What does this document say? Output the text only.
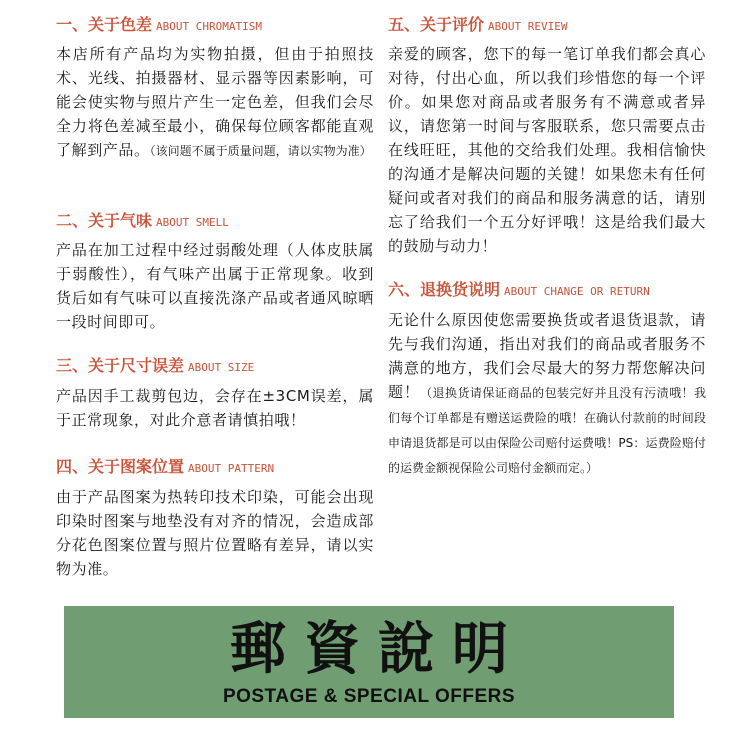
一、关于色差 ABOUT CHROMATISM
本店所有产品均为实物拍摄，但由于拍照技术、光线、拍摄器材、显示器等因素影响，可能会使实物与照片产生一定色差，但我们会尽全力将色差减至最小，确保每位顾客都能直观了解到产品。（该问题不属于质量问题，请以实物为准）
二、关于气味 ABOUT SMELL
产品在加工过程中经过弱酸处理（人体皮肤属于弱酸性），有气味产出属于正常现象。收到货后如有气味可以直接洗涤产品或者通风晾晒一段时间即可。
三、关于尺寸误差 ABOUT SIZE
产品因手工裁剪包边，会存在±3CM误差，属于正常现象，对此介意者请慎拍哦！
四、关于图案位置 ABOUT PATTERN
由于产品图案为热转印技术印染，可能会出现印染时图案与地垫没有对齐的情况，会造成部分花色图案位置与照片位置略有差异，请以实物为准。
五、关于评价 ABOUT REVIEW
亲爱的顾客，您下的每一笔订单我们都会真心对待，付出心血，所以我们珍惜您的每一个评价。如果您对商品或者服务有不满意或者异议，请您第一时间与客服联系，您只需要点击在线旺旺，其他的交给我们处理。我相信愉快的沟通才是解决问题的关键！如果您未有任何疑问或者对我们的商品和服务满意的话，请别忘了给我们一个五分好评哦！这是给我们最大的鼓励与动力！
六、退换货说明 ABOUT CHANGE OR RETURN
无论什么原因使您需要换货或者退货退款，请先与我们沟通，指出对我们的商品或者服务不满意的地方，我们会尽最大的努力帮您解决问题！（退换货请保证商品的包装完好并且没有污渍哦！我们每个订单都是有赠送运费险的哦！在确认付款前的时间段申请退货都是可以由保险公司赔付运费哦！PS：运费险赔付的运费金额视保险公司赔付金额而定。）
郵資說明
POSTAGE & SPECIAL OFFERS
